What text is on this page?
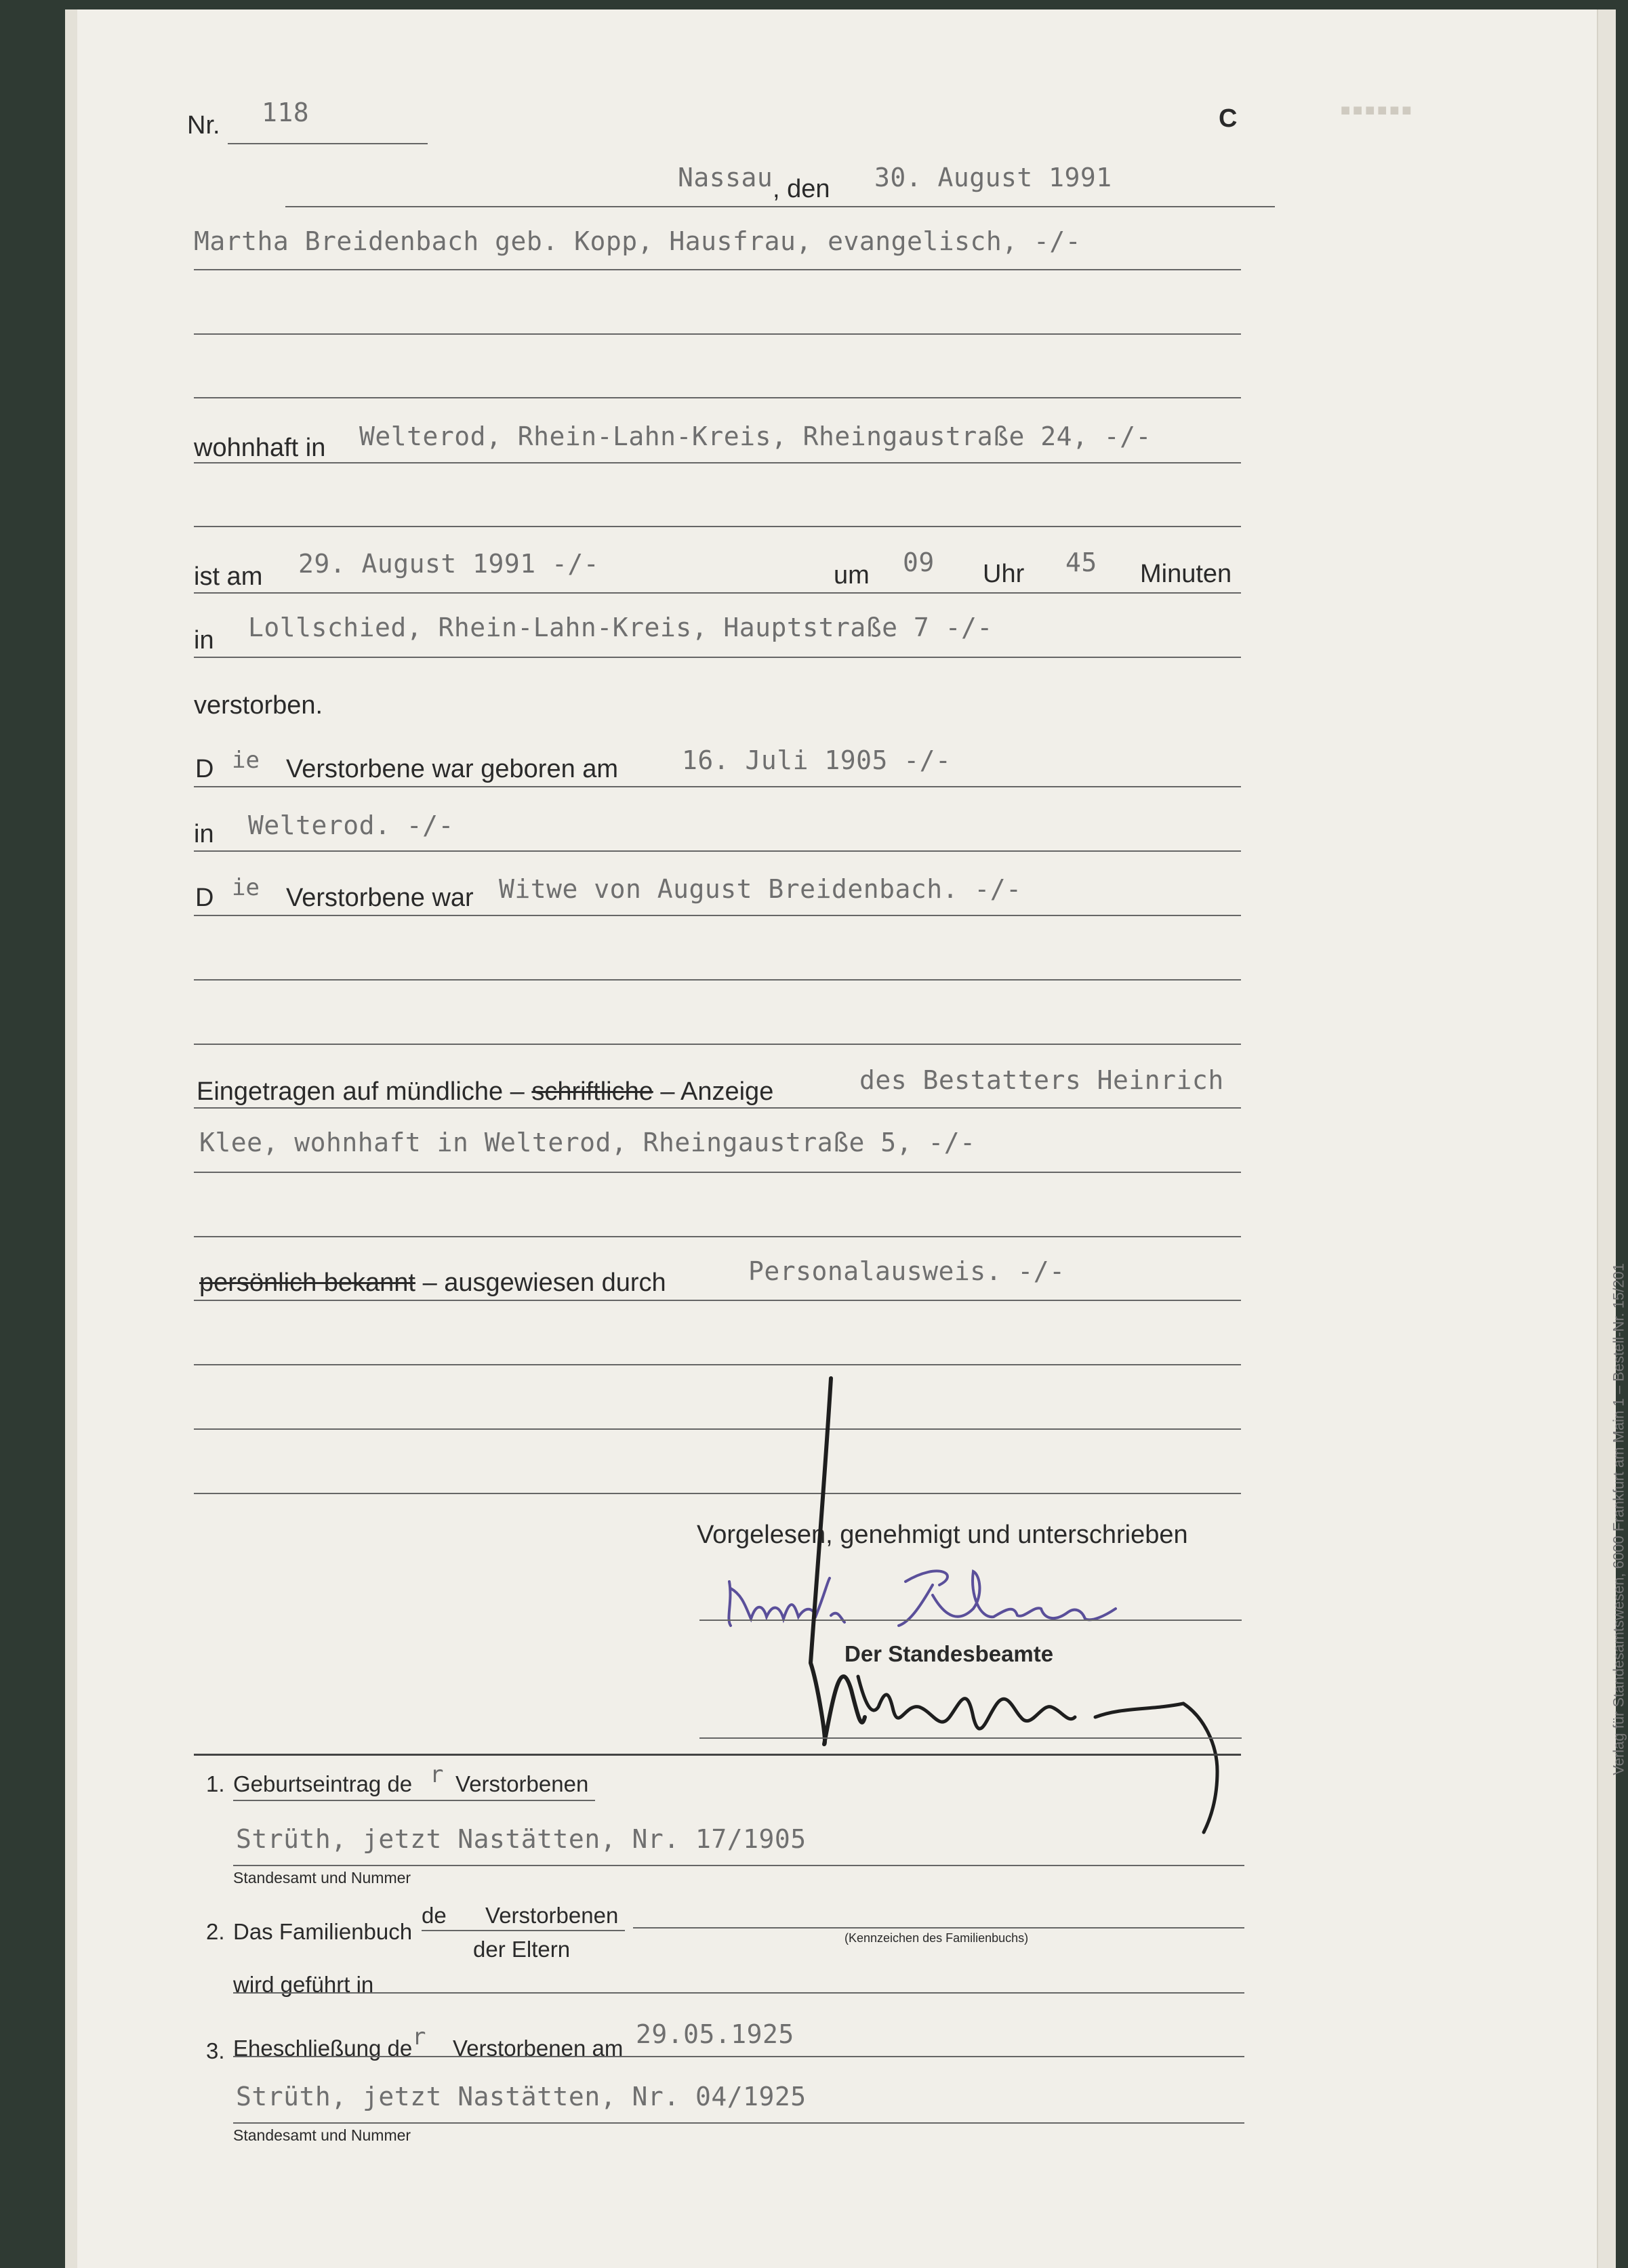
▪▪▪▪▪▪
Nr. 118	C
Nassau , den 30. August 1991
Martha Breidenbach geb. Kopp, Hausfrau, evangelisch, -/-
wohnhaft in Welterod, Rhein-Lahn-Kreis, Rheingaustraße 24, -/-
ist am 29. August 1991 -/-	um 09 Uhr 45 Minuten
in Lollschied, Rhein-Lahn-Kreis, Hauptstraße 7 -/-
verstorben.
D ie Verstorbene war geboren am 16. Juli 1905 -/-
in Welterod. -/-
D ie Verstorbene war Witwe von August Breidenbach. -/-
Eingetragen auf mündliche – schriftliche – Anzeige	des Bestatters Heinrich
Klee, wohnhaft in Welterod, Rheingaustraße 5, -/-
persönlich bekannt – ausgewiesen durch	Personalausweis. -/-
Vorgelesen, genehmigt und unterschrieben
Der Standesbeamte
1. Geburtseintrag de r Verstorbenen
Strüth, jetzt Nastätten, Nr. 17/1905
Standesamt und Nummer
2. Das Familienbuch
de Verstorbenen
der Eltern	(Kennzeichen des Familienbuchs)
wird geführt in
3. Eheschließung de r Verstorbenen am 29.05.1925
Strüth, jetzt Nastätten, Nr. 04/1925
Standesamt und Nummer
Verlag für Standesamtswesen, 6000 Frankfurt am Main 1 – Bestell-Nr. 15/201
